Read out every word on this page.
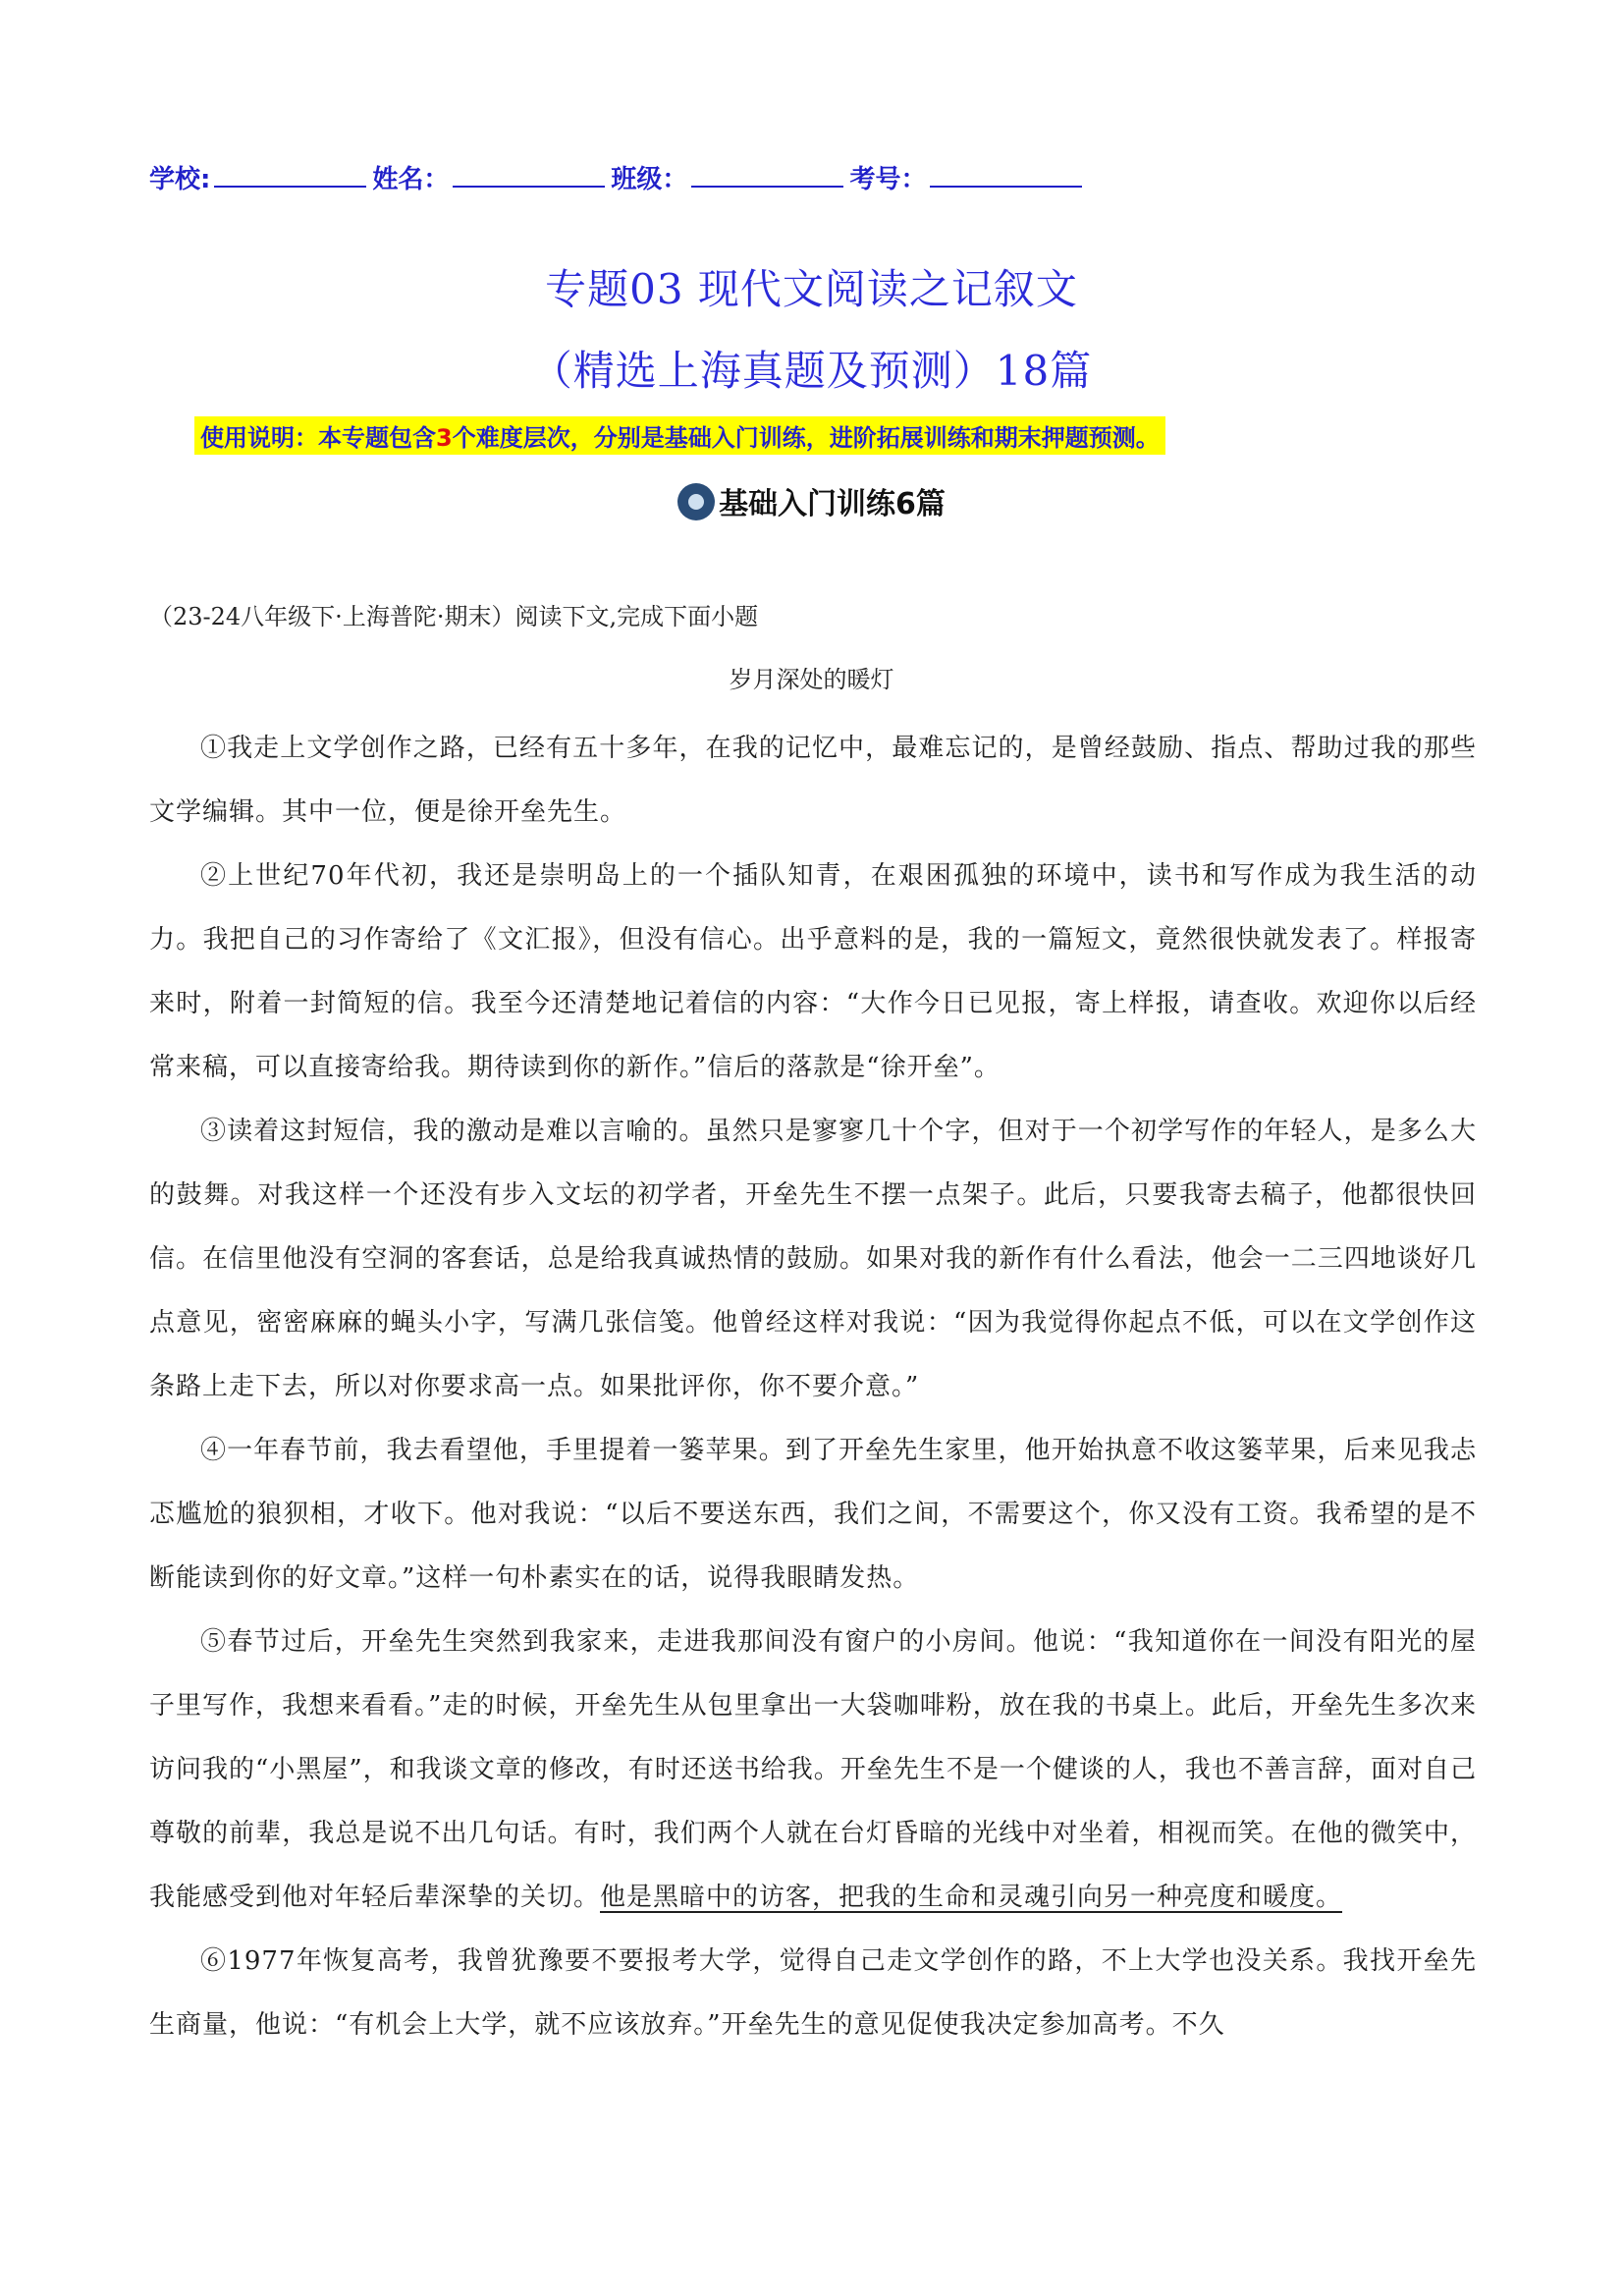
学校:	姓名：	班级：	考号：
专题03 现代文阅读之记叙文
（精选上海真题及预测）18篇
使用说明：本专题包含3个难度层次，分别是基础入门训练，进阶拓展训练和期末押题预测。
基础入门训练6篇
（23-24八年级下·上海普陀·期末）阅读下文,完成下面小题
岁月深处的暖灯

①我走上文学创作之路，已经有五十多年，在我的记忆中，最难忘记的，是曾经鼓励、指点、帮助过我的那些文学编辑。其中一位，便是徐开垒先生。

②上世纪70年代初，我还是崇明岛上的一个插队知青，在艰困孤独的环境中，读书和写作成为我生活的动力。我把自己的习作寄给了《文汇报》，但没有信心。出乎意料的是，我的一篇短文，竟然很快就发表了。样报寄来时，附着一封简短的信。我至今还清楚地记着信的内容：“大作今日已见报，寄上样报，请查收。欢迎你以后经常来稿，可以直接寄给我。期待读到你的新作。”信后的落款是“徐开垒”。

③读着这封短信，我的激动是难以言喻的。虽然只是寥寥几十个字，但对于一个初学写作的年轻人，是多么大的鼓舞。对我这样一个还没有步入文坛的初学者，开垒先生不摆一点架子。此后，只要我寄去稿子，他都很快回信。在信里他没有空洞的客套话，总是给我真诚热情的鼓励。如果对我的新作有什么看法，他会一二三四地谈好几点意见，密密麻麻的蝇头小字，写满几张信笺。他曾经这样对我说：“因为我觉得你起点不低，可以在文学创作这条路上走下去，所以对你要求高一点。如果批评你，你不要介意。”

④一年春节前，我去看望他，手里提着一篓苹果。到了开垒先生家里，他开始执意不收这篓苹果，后来见我忐忑尴尬的狼狈相，才收下。他对我说：“以后不要送东西，我们之间，不需要这个，你又没有工资。我希望的是不断能读到你的好文章。”这样一句朴素实在的话，说得我眼睛发热。

⑤春节过后，开垒先生突然到我家来，走进我那间没有窗户的小房间。他说：“我知道你在一间没有阳光的屋子里写作，我想来看看。”走的时候，开垒先生从包里拿出一大袋咖啡粉，放在我的书桌上。此后，开垒先生多次来访问我的“小黑屋”，和我谈文章的修改，有时还送书给我。开垒先生不是一个健谈的人，我也不善言辞，面对自己尊敬的前辈，我总是说不出几句话。有时，我们两个人就在台灯昏暗的光线中对坐着，相视而笑。在他的微笑中，我能感受到他对年轻后辈深挚的关切。他是黑暗中的访客，把我的生命和灵魂引向另一种亮度和暖度。

⑥1977年恢复高考，我曾犹豫要不要报考大学，觉得自己走文学创作的路，不上大学也没关系。我找开垒先生商量，他说：“有机会上大学，就不应该放弃。”开垒先生的意见促使我决定参加高考。不久
